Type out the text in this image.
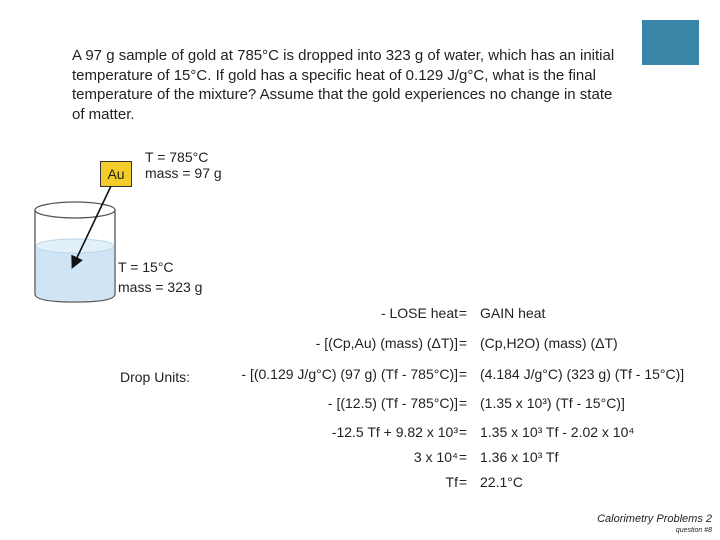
A 97 g sample of gold at 785°C is dropped into 323 g of water, which has an initial

temperature of 15°C. If gold has a specific heat of 0.129 J/g°C, what is the final

temperature of the mixture? Assume that the gold experiences no change in state

of matter.

Au
T = 785°C
mass = 97 g
T = 15°C
mass = 323 g
Drop Units:
- LOSE heat = GAIN heat
- [(Cp,Au) (mass) (ΔT)] = (Cp,H2O) (mass) (ΔT)
- [(0.129 J/g°C) (97 g) (Tf - 785°C)] = (4.184 J/g°C) (323 g) (Tf - 15°C)]
- [(12.5) (Tf - 785°C)] = (1.35 x 10³) (Tf - 15°C)]
-12.5 Tf + 9.82 x 10³ = 1.35 x 10³ Tf - 2.02 x 10⁴
3 x 10⁴ = 1.36 x 10³ Tf
Tf = 22.1°C
Calorimetry Problems 2
question #8
